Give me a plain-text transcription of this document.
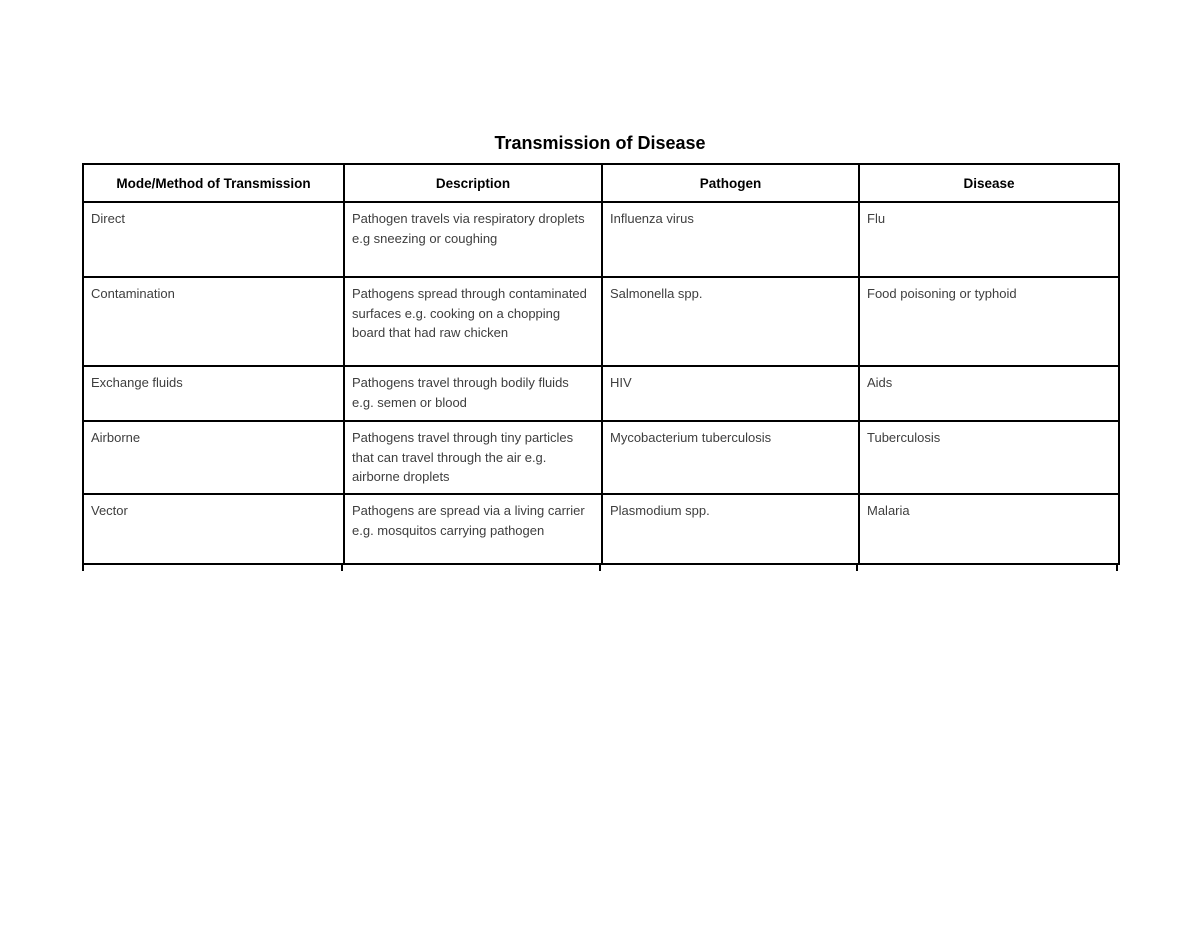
Transmission of Disease
Mode/Method of Transmission	Description	Pathogen	Disease
Direct	Pathogen travels via respiratory droplets e.g sneezing or coughing	Influenza virus	Flu
Contamination	Pathogens spread through contaminated surfaces e.g. cooking on a chopping board that had raw chicken	Salmonella spp.	Food poisoning or typhoid
Exchange fluids	Pathogens travel through bodily fluids e.g. semen or blood	HIV	Aids
Airborne	Pathogens travel through tiny particles that can travel through the air e.g. airborne droplets	Mycobacterium tuberculosis	Tuberculosis
Vector	Pathogens are spread via a living carrier e.g. mosquitos carrying pathogen	Plasmodium spp.	Malaria
